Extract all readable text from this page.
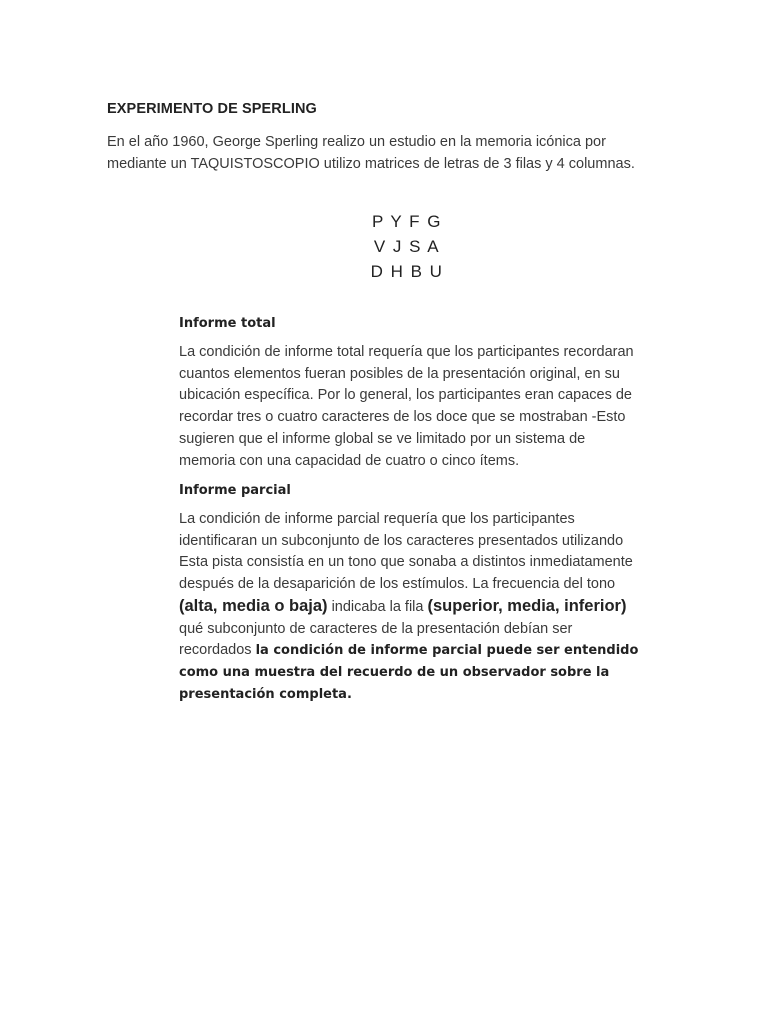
EXPERIMENTO DE SPERLING
En el año 1960, George Sperling realizo un estudio en la memoria icónica por
mediante un TAQUISTOSCOPIO utilizo matrices de letras de 3 filas y 4 columnas.
P Y F G
V J S A
D H B U
Informe total
La condición de informe total requería que los participantes recordaran
cuantos elementos fueran posibles de la presentación original, en su
ubicación específica. Por lo general, los participantes eran capaces de
recordar tres o cuatro caracteres de los doce que se mostraban -Esto
sugieren que el informe global se ve limitado por un sistema de
memoria con una capacidad de cuatro o cinco ítems.
Informe parcial
La condición de informe parcial requería que los participantes
identificaran un subconjunto de los caracteres presentados utilizando
Esta pista consistía en un tono que sonaba a distintos inmediatamente
después de la desaparición de los estímulos. La frecuencia del tono
(alta, media o baja) indicaba la fila (superior, media, inferior)
qué subconjunto de caracteres de la presentación debían ser
recordados la condición de informe parcial puede ser entendido
como una muestra del recuerdo de un observador sobre la
presentación completa.
